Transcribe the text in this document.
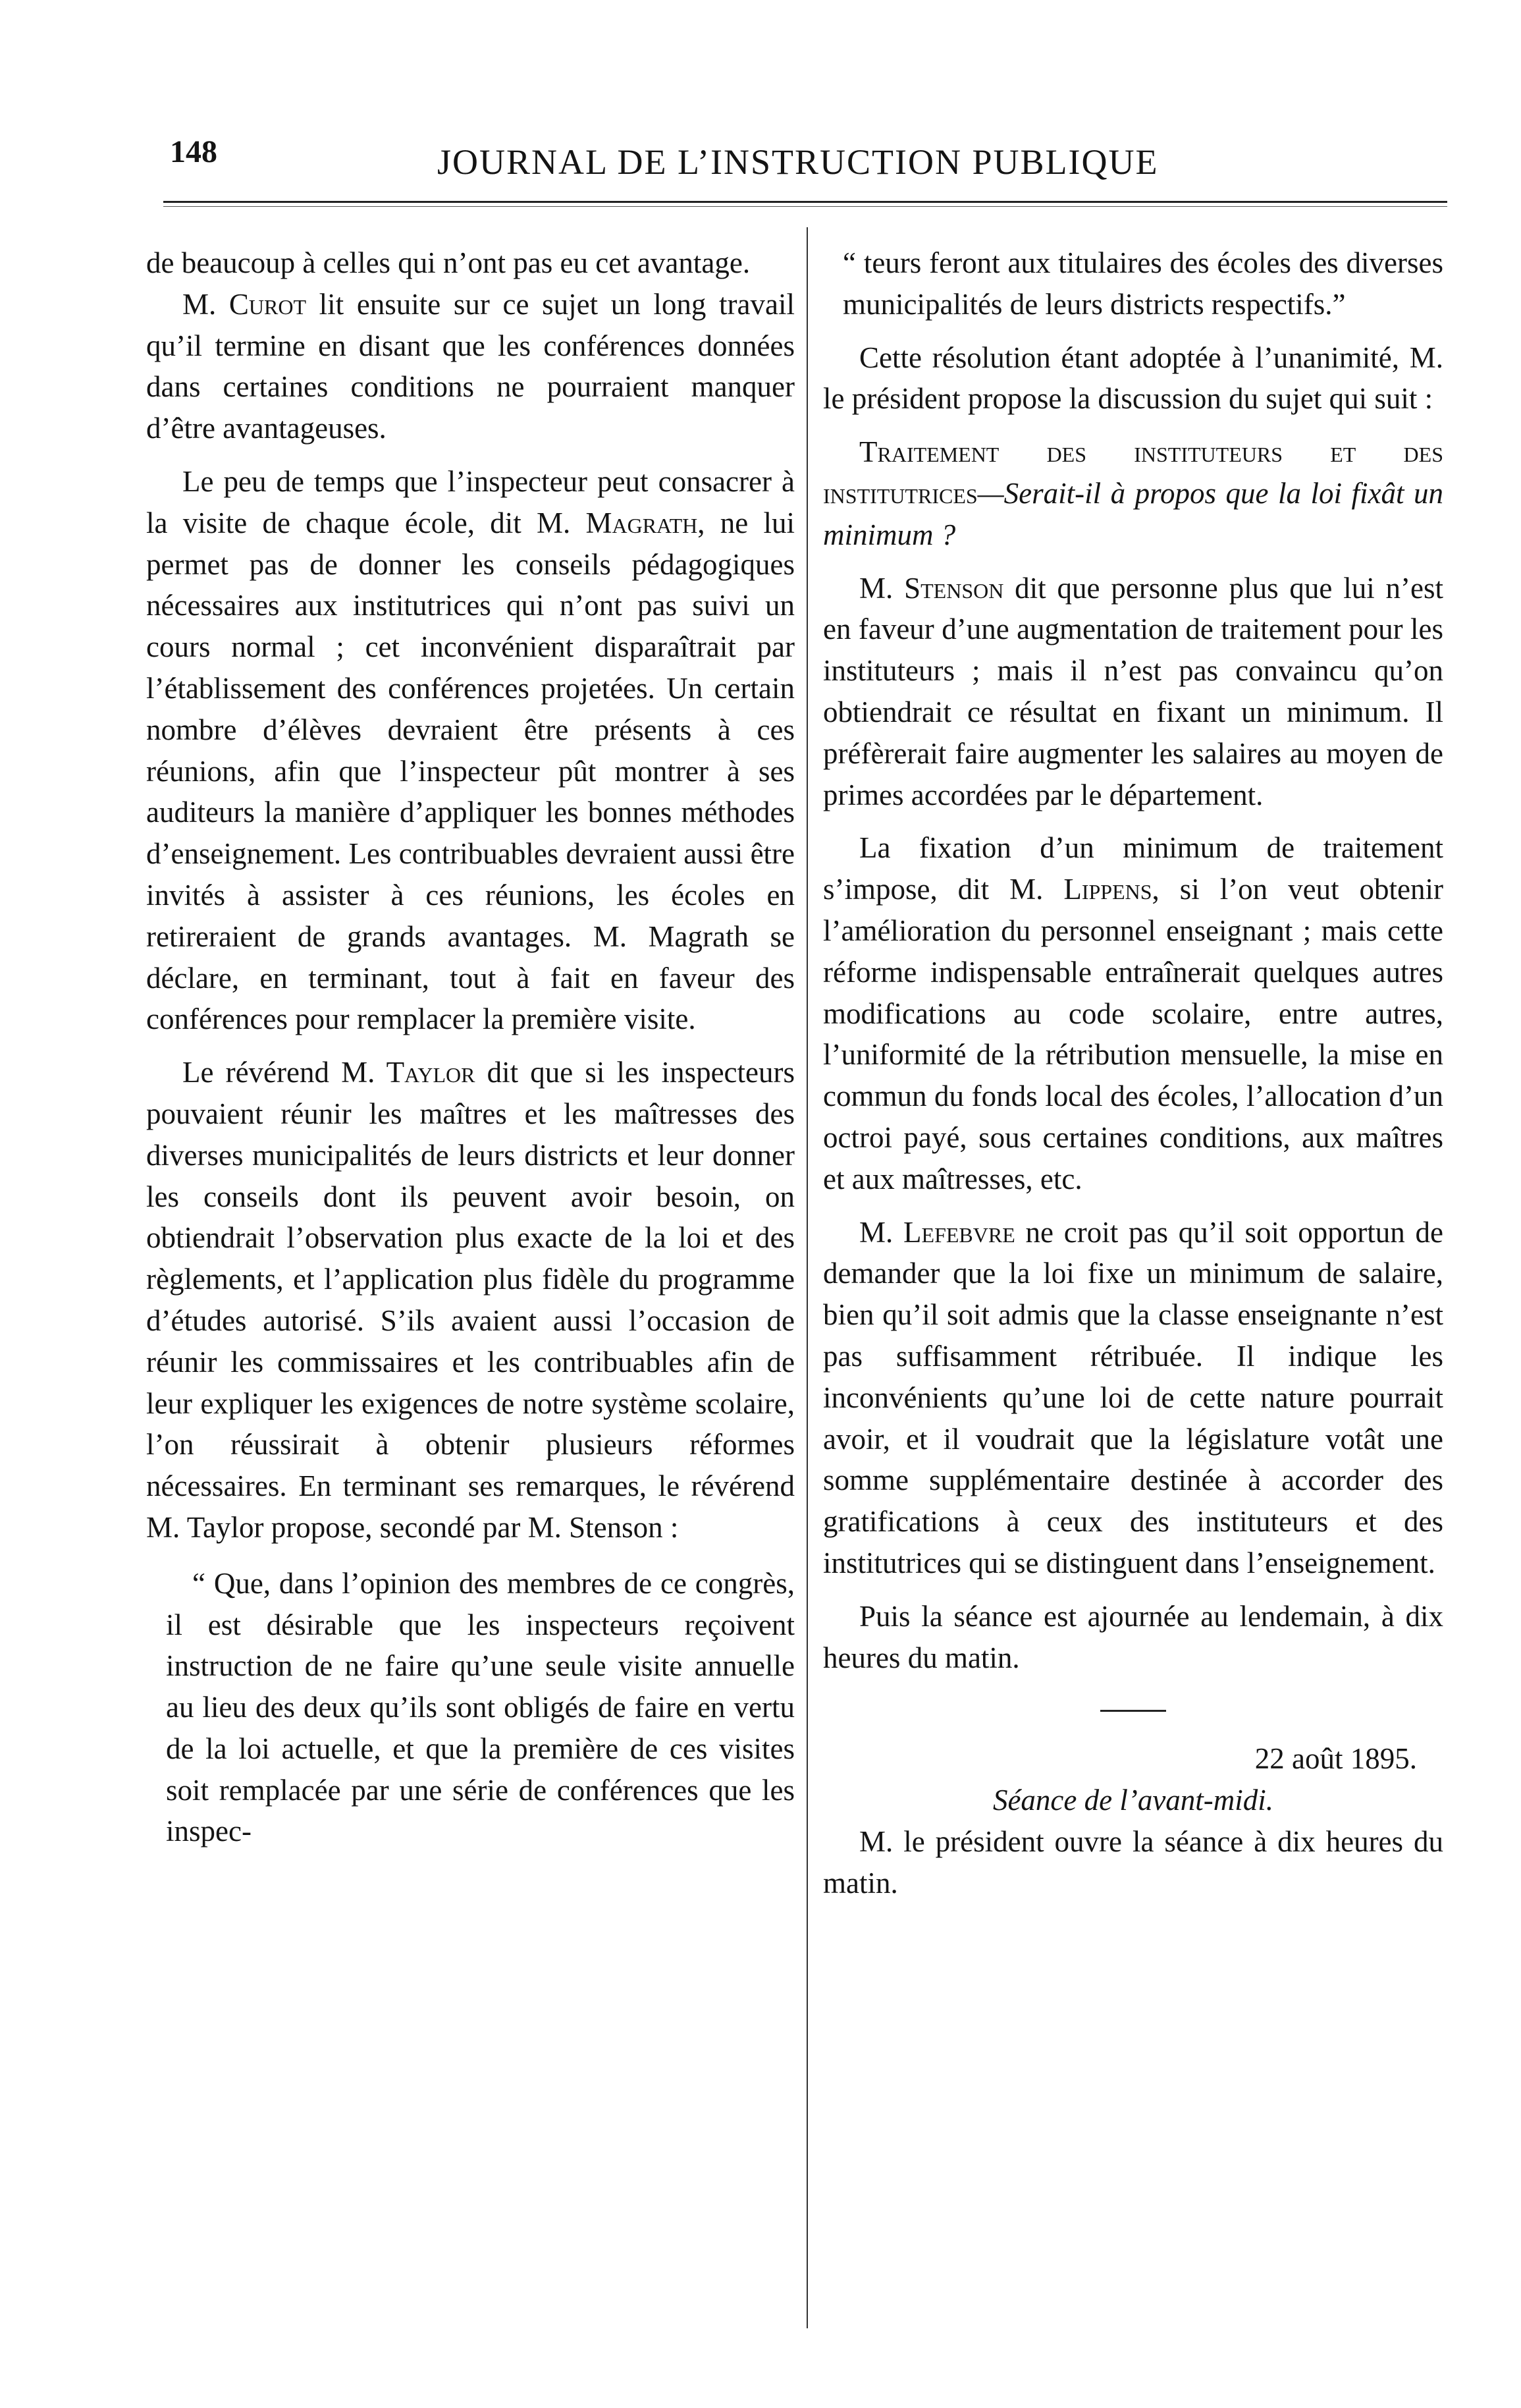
148	JOURNAL DE L’INSTRUCTION PUBLIQUE

de beaucoup à celles qui n’ont pas eu cet avantage.

M. Curot lit ensuite sur ce sujet un long travail qu’il termine en disant que les conférences données dans certaines conditions ne pourraient manquer d’être avantageuses.

Le peu de temps que l’inspecteur peut consacrer à la visite de chaque école, dit M. Magrath, ne lui permet pas de donner les conseils pédagogiques nécessaires aux institutrices qui n’ont pas suivi un cours normal ; cet inconvénient disparaîtrait par l’établissement des conférences projetées. Un certain nombre d’élèves devraient être présents à ces réunions, afin que l’inspecteur pût montrer à ses auditeurs la manière d’appliquer les bonnes méthodes d’enseignement. Les contribuables devraient aussi être invités à assister à ces réunions, les écoles en retireraient de grands avantages. M. Magrath se déclare, en terminant, tout à fait en faveur des conférences pour remplacer la première visite.

Le révérend M. Taylor dit que si les inspecteurs pouvaient réunir les maîtres et les maîtresses des diverses municipalités de leurs districts et leur donner les conseils dont ils peuvent avoir besoin, on obtiendrait l’observation plus exacte de la loi et des règlements, et l’application plus fidèle du programme d’études autorisé. S’ils avaient aussi l’occasion de réunir les commissaires et les contribuables afin de leur expliquer les exigences de notre système scolaire, l’on réussirait à obtenir plusieurs réformes nécessaires. En terminant ses remarques, le révérend M. Taylor propose, secondé par M. Stenson :

“ Que, dans l’opinion des membres de ce congrès, il est désirable que les inspecteurs reçoivent instruction de ne faire qu’une seule visite annuelle au lieu des deux qu’ils sont obligés de faire en vertu de la loi actuelle, et que la première de ces visites soit remplacée par une série de conférences que les inspec-

“ teurs feront aux titulaires des écoles des diverses municipalités de leurs districts respectifs.”

Cette résolution étant adoptée à l’unanimité, M. le président propose la discussion du sujet qui suit :

Traitement des instituteurs et des institutrices—Serait-il à propos que la loi fixât un minimum ?

M. Stenson dit que personne plus que lui n’est en faveur d’une augmentation de traitement pour les instituteurs ; mais il n’est pas convaincu qu’on obtiendrait ce résultat en fixant un minimum. Il préfèrerait faire augmenter les salaires au moyen de primes accordées par le département.

La fixation d’un minimum de traitement s’impose, dit M. Lippens, si l’on veut obtenir l’amélioration du personnel enseignant ; mais cette réforme indispensable entraînerait quelques autres modifications au code scolaire, entre autres, l’uniformité de la rétribution mensuelle, la mise en commun du fonds local des écoles, l’allocation d’un octroi payé, sous certaines conditions, aux maîtres et aux maîtresses, etc.

M. Lefebvre ne croit pas qu’il soit opportun de demander que la loi fixe un minimum de salaire, bien qu’il soit admis que la classe enseignante n’est pas suffisamment rétribuée. Il indique les inconvénients qu’une loi de cette nature pourrait avoir, et il voudrait que la législature votât une somme supplémentaire destinée à accorder des gratifications à ceux des instituteurs et des institutrices qui se distinguent dans l’enseignement.

Puis la séance est ajournée au lendemain, à dix heures du matin.

22 août 1895.

Séance de l’avant-midi.

M. le président ouvre la séance à dix heures du matin.
